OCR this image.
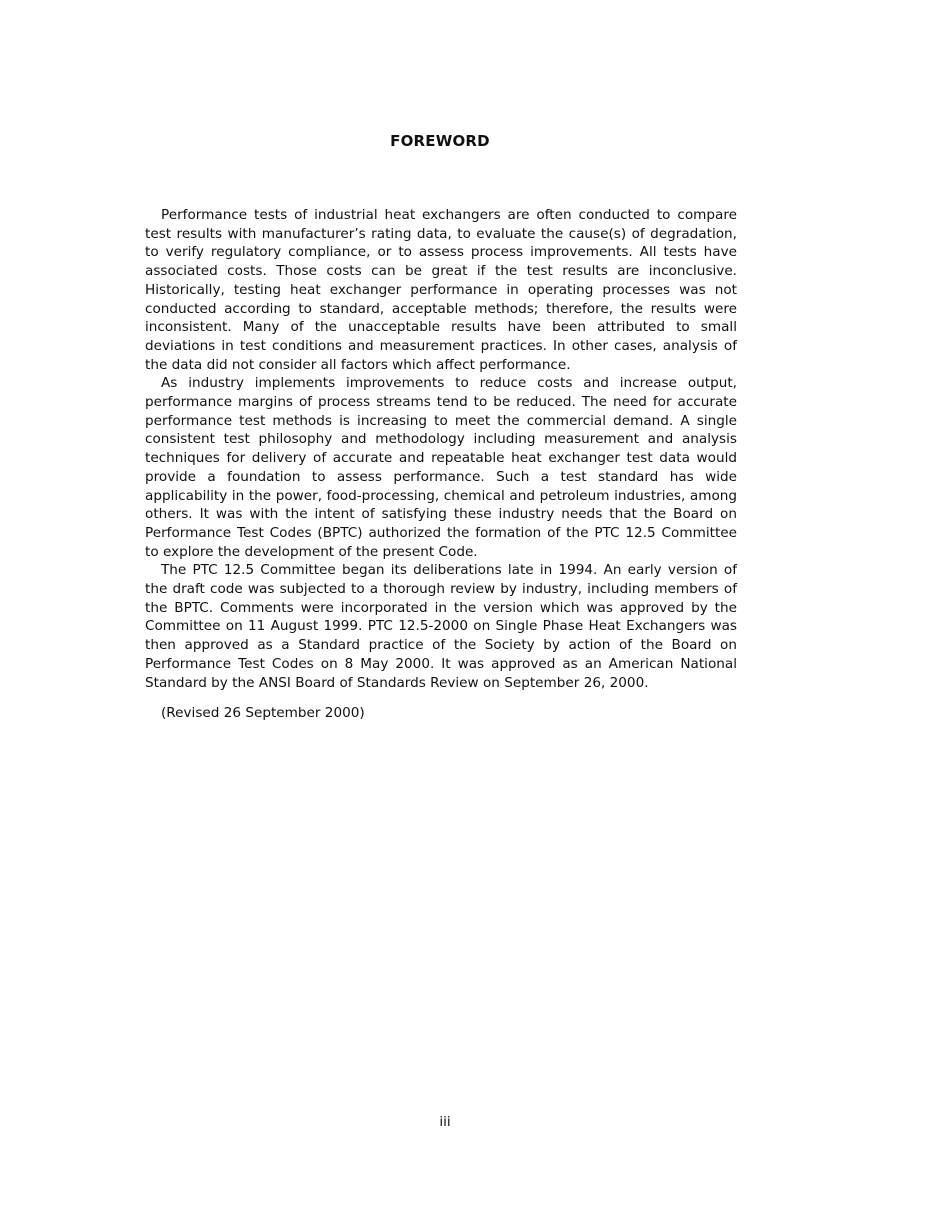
FOREWORD

Performance tests of industrial heat exchangers are often conducted to compare test results with manufacturer’s rating data, to evaluate the cause(s) of degradation, to verify regulatory compliance, or to assess process improvements. All tests have associated costs. Those costs can be great if the test results are inconclusive. Historically, testing heat exchanger performance in operating processes was not conducted according to standard, acceptable methods; therefore, the results were inconsistent. Many of the unacceptable results have been attributed to small deviations in test conditions and measurement practices. In other cases, analysis of the data did not consider all factors which affect performance.

As industry implements improvements to reduce costs and increase output, performance margins of process streams tend to be reduced. The need for accurate performance test methods is increasing to meet the commercial demand. A single consistent test philosophy and methodology including measurement and analysis techniques for delivery of accurate and repeatable heat exchanger test data would provide a foundation to assess performance. Such a test standard has wide applicability in the power, food-processing, chemical and petroleum industries, among others. It was with the intent of satisfying these industry needs that the Board on Performance Test Codes (BPTC) authorized the formation of the PTC 12.5 Committee to explore the development of the present Code.

The PTC 12.5 Committee began its deliberations late in 1994. An early version of the draft code was subjected to a thorough review by industry, including members of the BPTC. Comments were incorporated in the version which was approved by the Committee on 11 August 1999. PTC 12.5-2000 on Single Phase Heat Exchangers was then approved as a Standard practice of the Society by action of the Board on Performance Test Codes on 8 May 2000. It was approved as an American National Standard by the ANSI Board of Standards Review on September 26, 2000.

(Revised 26 September 2000)

iii
